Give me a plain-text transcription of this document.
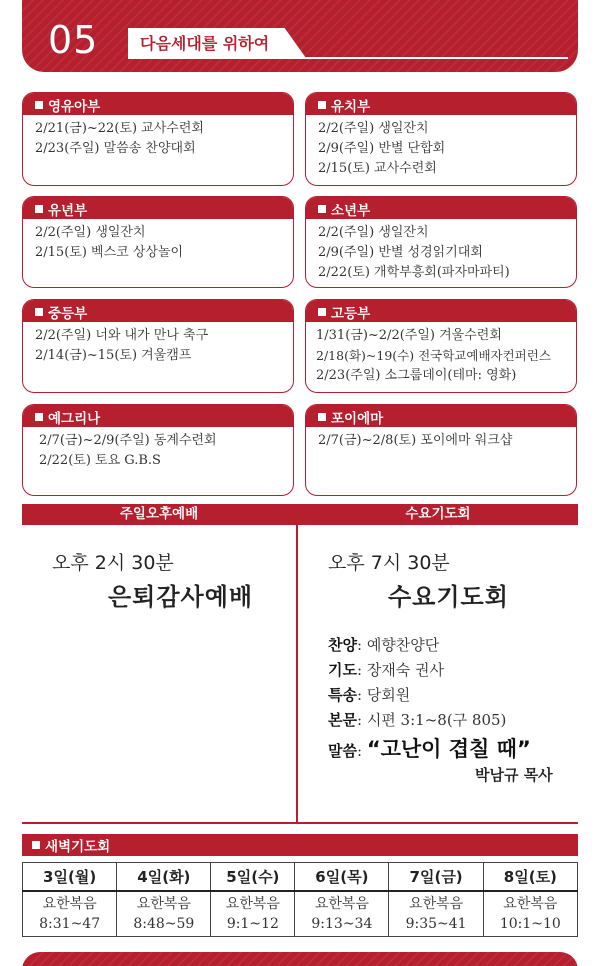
05	다음세대를 위하여
영유아부
2/21(금)~22(토) 교사수련회
2/23(주일) 말씀송 찬양대회
유치부
2/2(주일) 생일잔치
2/9(주일) 반별 단합회
2/15(토) 교사수련회
유년부
2/2(주일) 생일잔치
2/15(토) 벡스코 상상놀이
소년부
2/2(주일) 생일잔치
2/9(주일) 반별 성경읽기대회
2/22(토) 개학부흥회(파자마파티)
중등부
2/2(주일) 너와 내가 만나 축구
2/14(금)~15(토) 겨울캠프
고등부
1/31(금)~2/2(주일) 겨울수련회
2/18(화)~19(수) 전국학교예배자컨퍼런스
2/23(주일) 소그룹데이(테마: 영화)
예그리나
2/7(금)~2/9(주일) 동계수련회
2/22(토) 토요 G.B.S
포이에마
2/7(금)~2/8(토) 포이에마 워크샵
주일오후예배	수요기도회
오후 2시 30분
은퇴감사예배
오후 7시 30분
수요기도회
찬양: 예향찬양단
기도: 장재숙 권사
특송: 당회원
본문: 시편 3:1~8(구 805)
말씀: “고난이 겹칠 때”
박남규 목사
새벽기도회
3일(월)	4일(화)	5일(수)	6일(목)	7일(금)	8일(토)
요한복음	요한복음	요한복음	요한복음	요한복음	요한복음
8:31~47	8:48~59	9:1~12	9:13~34	9:35~41	10:1~10
